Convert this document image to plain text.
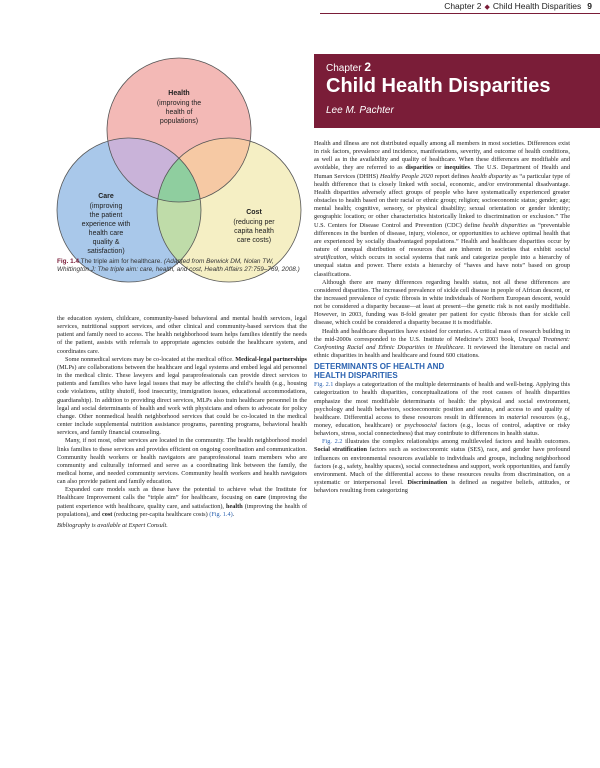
Chapter 2 ◆ Child Health Disparities 9
Chapter 2
Child Health Disparities
Lee M. Pachter
Health
(improving the
health of
populations)
Care
(improving
the patient
experience with
health care
quality &
satisfaction)
Cost
(reducing per
capita health
care costs)
Fig. 1.4 The triple aim for healthcare. (Adapted from Berwick DM, Nolan TW, Whittington J: The triple aim: care, health, and cost, Health Affairs 27:759–769, 2008.)

the education system, childcare, community-based behavioral and mental health services, legal services, nutritional support services, and other clinical and community-based services that the patient and family need to access. The health neighborhood team helps families identify the needs of the patient, assists with referrals to appropriate agencies outside the healthcare system, and coordinates care.

Some nonmedical services may be co-located at the medical office. Medical-legal partnerships (MLPs) are collaborations between the healthcare and legal systems and embed legal aid personnel in the medical clinic. These lawyers and legal paraprofessionals can provide direct services to patients and families who have legal issues that may be affecting the child’s health (e.g., housing code violations, utility shutoff, food insecurity, immigration issues, educational accommodations, guardianship). In addition to providing direct services, MLPs also train healthcare personnel in the legal and social determinants of health and work with physicians and others to advocate for policy change. Other nonmedical health neighborhood services that could be co-located in the medical center include supplemental nutrition assistance programs, parenting programs, behavioral health services, and family financial counseling.

Many, if not most, other services are located in the community. The health neighborhood model links families to these services and provides efficient on ongoing coordination and communication. Community health workers or health navigators are paraprofessional team members who are community and culturally informed and serve as a coordinating link between the family, the medical home, and needed community services. Community health workers and health navigators can also provide patient and family education.

Expanded care models such as these have the potential to achieve what the Institute for Healthcare Improvement calls the “triple aim” for healthcare, focusing on care (improving the patient experience with healthcare, quality care, and satisfaction), health (improving the health of populations), and cost (reducing per-capita healthcare costs) (Fig. 1.4).

Bibliography is available at Expert Consult.

Health and illness are not distributed equally among all members in most societies. Differences exist in risk factors, prevalence and incidence, manifestations, severity, and outcome of health conditions, as well as in the availability and quality of healthcare. When these differences are modifiable and avoidable, they are referred to as disparities or inequities. The U.S. Department of Health and Human Services (DHHS) Healthy People 2020 report defines health disparity as “a particular type of health difference that is closely linked with social, economic, and/or environmental disadvantage. Health disparities adversely affect groups of people who have systematically experienced greater obstacles to health based on their racial or ethnic group; religion; socioeconomic status; gender; age; mental health; cognitive, sensory, or physical disability; sexual orientation or gender identity; geographic location; or other characteristics historically linked to discrimination or exclusion.” The U.S. Centers for Disease Control and Prevention (CDC) define health disparities as “preventable differences in the burden of disease, injury, violence, or opportunities to achieve optimal health that are experienced by socially disadvantaged populations.” Health and healthcare disparities occur by nature of unequal distribution of resources that are inherent in societies that exhibit social stratification, which occurs in social systems that rank and categorize people into a hierarchy of unequal status and power. There exists a hierarchy of “haves and have nots” based on group classifications.

Although there are many differences regarding health status, not all these differences are considered disparities. The increased prevalence of sickle cell disease in people of African descent, or the increased prevalence of cystic fibrosis in white individuals of Northern European descent, would not be considered a disparity because—at least at present—the genetic risk is not easily modifiable. However, in 2003, funding was 8-fold greater per patient for cystic fibrosis than for sickle cell disease, which could be considered a disparity because it is modifiable.

Health and healthcare disparities have existed for centuries. A critical mass of research building in the mid-2000s corresponded to the U.S. Institute of Medicine’s 2003 book, Unequal Treatment: Confronting Racial and Ethnic Disparities in Healthcare. It reviewed the literature on racial and ethnic disparities in health and healthcare and found 600 citations.

DETERMINANTS OF HEALTH AND
HEALTH DISPARITIES

Fig. 2.1 displays a categorization of the multiple determinants of health and well-being. Applying this categorization to health disparities, conceptualizations of the root causes of health disparities emphasize the most modifiable determinants of health: the physical and social environment, psychology and health behaviors, socioeconomic position and status, and access to and quality of healthcare. Differential access to these resources result in differences in material resources (e.g., money, education, healthcare) or psychosocial factors (e.g., locus of control, adaptive or risky behaviors, stress, social connectedness) that may contribute to differences in health status.

Fig. 2.2 illustrates the complex relationships among multileveled factors and health outcomes. Social stratification factors such as socioeconomic status (SES), race, and gender have profound influences on environmental resources available to individuals and groups, including neighborhood factors (e.g., safety, healthy spaces), social connectedness and support, work opportunities, and family environment. Much of the differential access to these resources results from discrimination, on a systematic or interpersonal level. Discrimination is defined as negative beliefs, attitudes, or behaviors resulting from categorizing
